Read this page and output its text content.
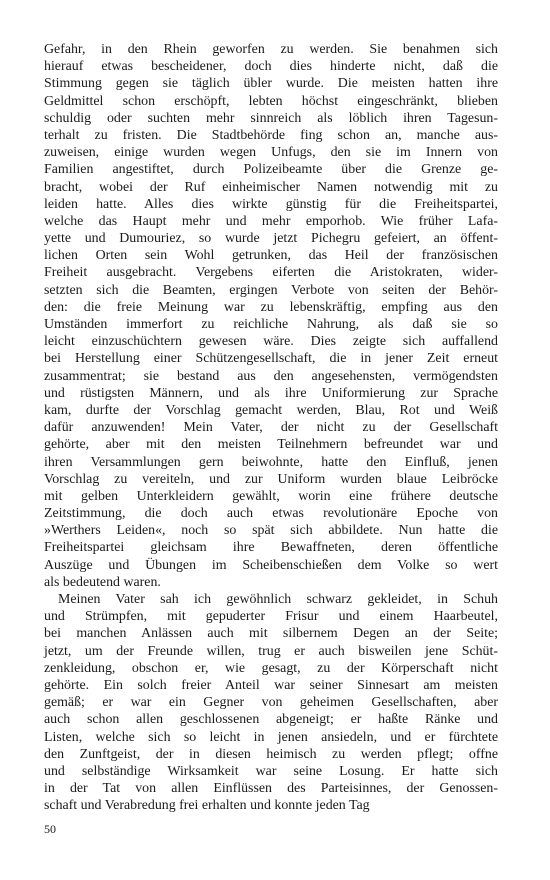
Gefahr, in den Rhein geworfen zu werden. Sie benahmen sich
hierauf etwas bescheidener, doch dies hinderte nicht, daß die
Stimmung gegen sie täglich übler wurde. Die meisten hatten ihre
Geldmittel schon erschöpft, lebten höchst eingeschränkt, blieben
schuldig oder suchten mehr sinnreich als löblich ihren Tagesun-
terhalt zu fristen. Die Stadtbehörde fing schon an, manche aus-
zuweisen, einige wurden wegen Unfugs, den sie im Innern von
Familien angestiftet, durch Polizeibeamte über die Grenze ge-
bracht, wobei der Ruf einheimischer Namen notwendig mit zu
leiden hatte. Alles dies wirkte günstig für die Freiheitspartei,
welche das Haupt mehr und mehr emporhob. Wie früher Lafa-
yette und Dumouriez, so wurde jetzt Pichegru gefeiert, an öffent-
lichen Orten sein Wohl getrunken, das Heil der französischen
Freiheit ausgebracht. Vergebens eiferten die Aristokraten, wider-
setzten sich die Beamten, ergingen Verbote von seiten der Behör-
den: die freie Meinung war zu lebenskräftig, empfing aus den
Umständen immerfort zu reichliche Nahrung, als daß sie so
leicht einzuschüchtern gewesen wäre. Dies zeigte sich auffallend
bei Herstellung einer Schützengesellschaft, die in jener Zeit erneut
zusammentrat; sie bestand aus den angesehensten, vermögendsten
und rüstigsten Männern, und als ihre Uniformierung zur Sprache
kam, durfte der Vorschlag gemacht werden, Blau, Rot und Weiß
dafür anzuwenden! Mein Vater, der nicht zu der Gesellschaft
gehörte, aber mit den meisten Teilnehmern befreundet war und
ihren Versammlungen gern beiwohnte, hatte den Einfluß, jenen
Vorschlag zu vereiteln, und zur Uniform wurden blaue Leibröcke
mit gelben Unterkleidern gewählt, worin eine frühere deutsche
Zeitstimmung, die doch auch etwas revolutionäre Epoche von
»Werthers Leiden«, noch so spät sich abbildete. Nun hatte die
Freiheitspartei gleichsam ihre Bewaffneten, deren öffentliche
Auszüge und Übungen im Scheibenschießen dem Volke so wert
als bedeutend waren.
Meinen Vater sah ich gewöhnlich schwarz gekleidet, in Schuh
und Strümpfen, mit gepuderter Frisur und einem Haarbeutel,
bei manchen Anlässen auch mit silbernem Degen an der Seite;
jetzt, um der Freunde willen, trug er auch bisweilen jene Schüt-
zenkleidung, obschon er, wie gesagt, zu der Körperschaft nicht
gehörte. Ein solch freier Anteil war seiner Sinnesart am meisten
gemäß; er war ein Gegner von geheimen Gesellschaften, aber
auch schon allen geschlossenen abgeneigt; er haßte Ränke und
Listen, welche sich so leicht in jenen ansiedeln, und er fürchtete
den Zunftgeist, der in diesen heimisch zu werden pflegt; offne
und selbständige Wirksamkeit war seine Losung. Er hatte sich
in der Tat von allen Einflüssen des Parteisinnes, der Genossen-
schaft und Verabredung frei erhalten und konnte jeden Tag
50
